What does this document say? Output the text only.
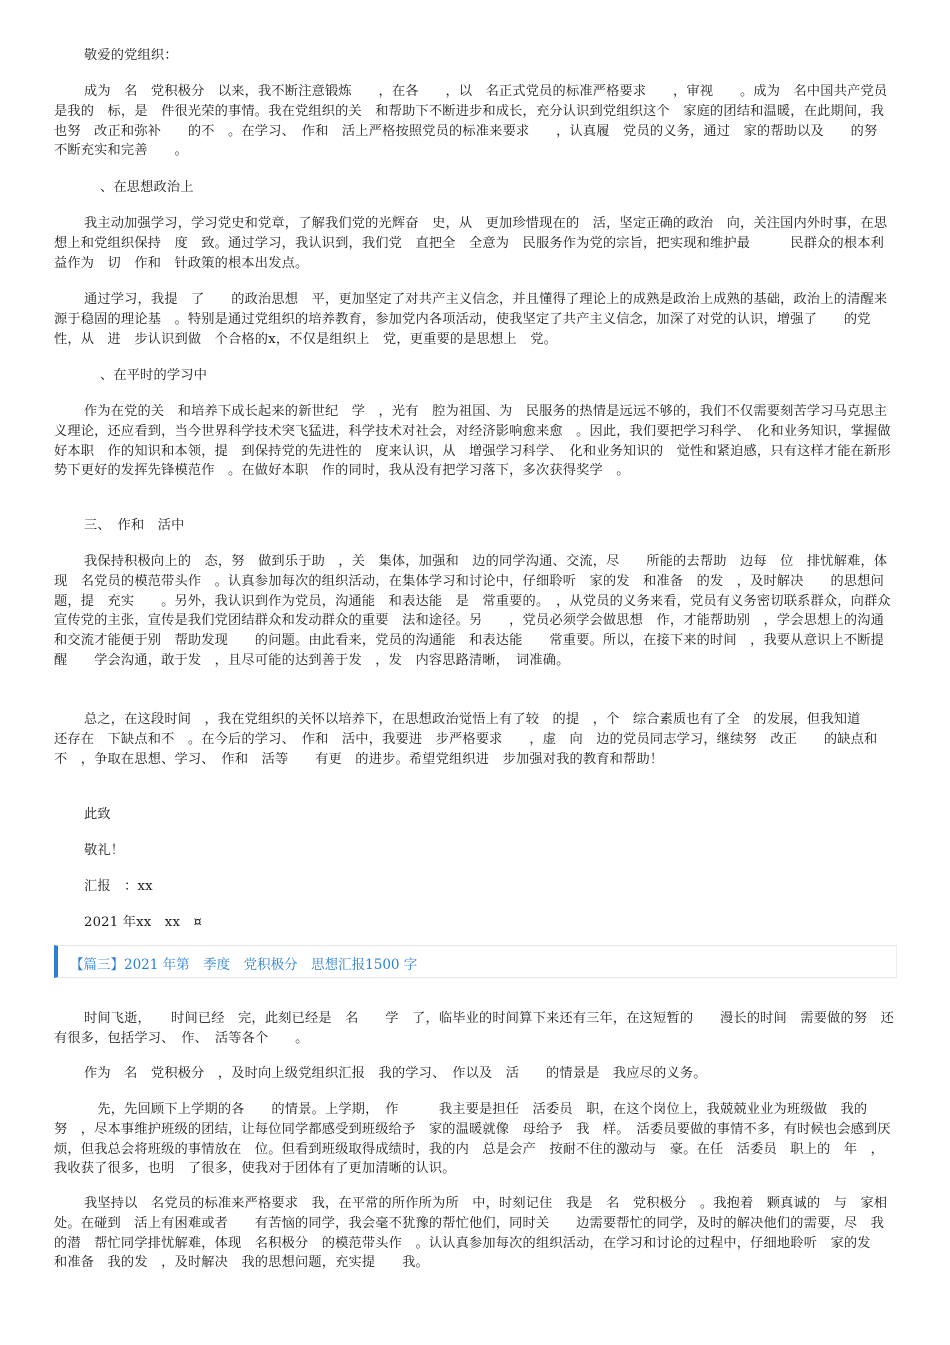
敬爱的党组织：

成为　名　党积极分　以来，我不断注意锻炼　　，在各　　，以　名正式党员的标准严格要求　　，审视　　。成为　名中国共产党员是我的　标，是　件很光荣的事情。我在党组织的关　和帮助下不断进步和成长，充分认识到党组织这个　家庭的团结和温暖，在此期间，我也努　改正和弥补　　的不　。在学习、　作和　活上严格按照党员的标准来要求　　，认真履　党员的义务，通过　家的帮助以及　　的努　不断充实和完善　　。

、在思想政治上

我主动加强学习，学习党史和党章，了解我们党的光辉奋　史，从　更加珍惜现在的　活，坚定正确的政治　向，关注国内外时事，在思想上和党组织保持　度　致。通过学习，我认识到，我们党　直把全　全意为　民服务作为党的宗旨，把实现和维护最　　　民群众的根本利益作为　切　作和　针政策的根本出发点。

通过学习，我提　了　　的政治思想　平，更加坚定了对共产主义信念，并且懂得了理论上的成熟是政治上成熟的基础，政治上的清醒来源于稳固的理论基　。特别是通过党组织的培养教育，参加党内各项活动，使我坚定了共产主义信念，加深了对党的认识，增强了　　的党性，从　进　步认识到做　个合格的x，不仅是组织上　党，更重要的是思想上　党。

、在平时的学习中

作为在党的关　和培养下成长起来的新世纪　学　，光有　腔为祖国、为　民服务的热情是远远不够的，我们不仅需要刻苦学习马克思主义理论，还应看到，当今世界科学技术突飞猛进，科学技术对社会，对经济影响愈来愈　。因此，我们要把学习科学、　化和业务知识，掌握做好本职　作的知识和本领，提　到保持党的先进性的　度来认识，从　增强学习科学、　化和业务知识的　觉性和紧迫感，只有这样才能在新形势下更好的发挥先锋模范作　。在做好本职　作的同时，我从没有把学习落下，多次获得奖学　。

三、　作和　活中

我保持积极向上的　态，努　做到乐于助　，关　集体，加强和　边的同学沟通、交流，尽　　所能的去帮助　边每　位　排忧解难，体现　名党员的模范带头作　。认真参加每次的组织活动，在集体学习和讨论中，仔细聆听　家的发　和准备　的发　，及时解决　　的思想问题，提　充实　　。另外，我认识到作为党员，沟通能　和表达能　是　常重要的。　，从党员的义务来看，党员有义务密切联系群众，向群众宣传党的主张，宣传是我们党团结群众和发动群众的重要　法和途径。另　　，党员必须学会做思想　作，才能帮助别　，学会思想上的沟通和交流才能便于别　帮助发现　　的问题。由此看来，党员的沟通能　和表达能　　常重要。所以，在接下来的时间　，我要从意识上不断提醒　　学会沟通，敢于发　，且尽可能的达到善于发　，发　内容思路清晰，　词准确。

总之，在这段时间　，我在党组织的关怀以培养下，在思想政治觉悟上有了较　的提　，个　综合素质也有了全　的发展，但我知道　　还存在　下缺点和不　。在今后的学习、　作和　活中，我要进　步严格要求　　，虚　向　边的党员同志学习，继续努　改正　　的缺点和不　，争取在思想、学习、　作和　活等　　有更　的进步。希望党组织进　步加强对我的教育和帮助！

此致

敬礼！

汇报　：xx

2021 年xx　xx　¤

【篇三】2021 年第　季度　党积极分　思想汇报1500 字

时间飞逝，　　时间已经　完，此刻已经是　名　　学　了，临毕业的时间算下来还有三年，在这短暂的　　漫长的时间　需要做的努　还有很多，包括学习、　作、　活等各个　　。

作为　名　党积极分　，及时向上级党组织汇报　我的学习、　作以及　活　　的情景是　我应尽的义务。

　先，先回顾下上学期的各　　的情景。上学期，　作　　　我主要是担任　活委员　职，在这个岗位上，我兢兢业业为班级做　我的努　，尽本事维护班级的团结，让每位同学都感受到班级给予　家的温暖就像　母给予　我　样。　活委员要做的事情不多，有时候也会感到厌烦，但我总会将班级的事情放在　位。但看到班级取得成绩时，我的内　总是会产　按耐不住的激动与　豪。在任　活委员　职上的　年　，我收获了很多，也明　了很多，使我对于团体有了更加清晰的认识。

我坚持以　名党员的标准来严格要求　我，在平常的所作所为所　中，时刻记住　我是　名　党积极分　。我抱着　颗真诚的　与　家相处。在碰到　活上有困难或者　　有苦恼的同学，我会毫不犹豫的帮忙他们，同时关　　边需要帮忙的同学，及时的解决他们的需要，尽　我的潜　帮忙同学排忧解难，体现　名积极分　的模范带头作　。认认真参加每次的组织活动，在学习和讨论的过程中，仔细地聆听　家的发　和准备　我的发　，及时解决　我的思想问题，充实提　　我。
